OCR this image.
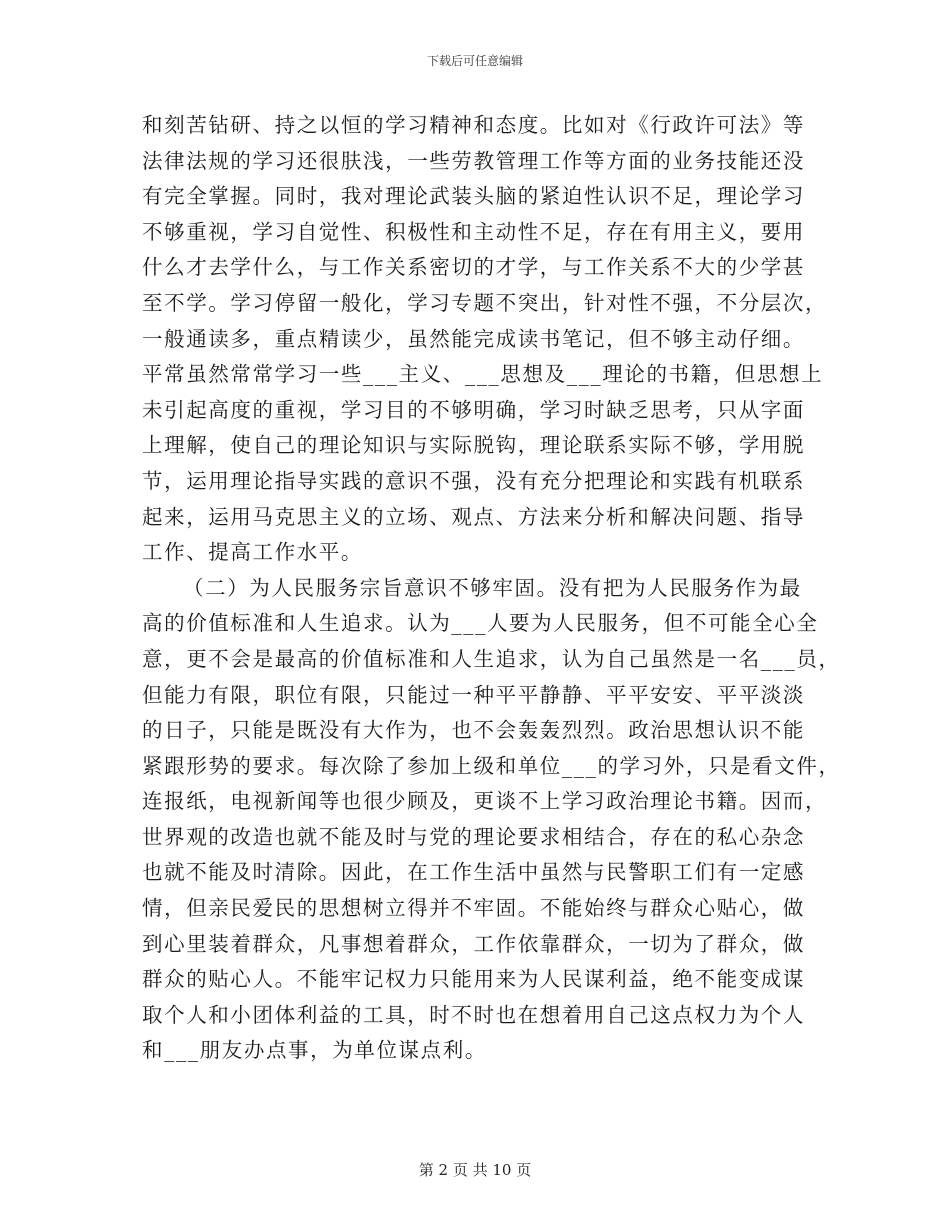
下载后可任意编辑
和刻苦钻研、持之以恒的学习精神和态度。比如对《行政许可法》等
法律法规的学习还很肤浅，一些劳教管理工作等方面的业务技能还没
有完全掌握。同时，我对理论武装头脑的紧迫性认识不足，理论学习
不够重视，学习自觉性、积极性和主动性不足，存在有用主义，要用
什么才去学什么，与工作关系密切的才学，与工作关系不大的少学甚
至不学。学习停留一般化，学习专题不突出，针对性不强，不分层次，
一般通读多，重点精读少，虽然能完成读书笔记，但不够主动仔细。
平常虽然常常学习一些___主义、___思想及___理论的书籍，但思想上
未引起高度的重视，学习目的不够明确，学习时缺乏思考，只从字面
上理解，使自己的理论知识与实际脱钩，理论联系实际不够，学用脱
节，运用理论指导实践的意识不强，没有充分把理论和实践有机联系
起来，运用马克思主义的立场、观点、方法来分析和解决问题、指导
工作、提高工作水平。
（二）为人民服务宗旨意识不够牢固。没有把为人民服务作为最
高的价值标准和人生追求。认为___人要为人民服务，但不可能全心全
意，更不会是最高的价值标准和人生追求，认为自己虽然是一名___员，
但能力有限，职位有限，只能过一种平平静静、平平安安、平平淡淡
的日子，只能是既没有大作为，也不会轰轰烈烈。政治思想认识不能
紧跟形势的要求。每次除了参加上级和单位___的学习外，只是看文件，
连报纸，电视新闻等也很少顾及，更谈不上学习政治理论书籍。因而，
世界观的改造也就不能及时与党的理论要求相结合，存在的私心杂念
也就不能及时清除。因此，在工作生活中虽然与民警职工们有一定感
情，但亲民爱民的思想树立得并不牢固。不能始终与群众心贴心，做
到心里装着群众，凡事想着群众，工作依靠群众，一切为了群众，做
群众的贴心人。不能牢记权力只能用来为人民谋利益，绝不能变成谋
取个人和小团体利益的工具，时不时也在想着用自己这点权力为个人
和___朋友办点事，为单位谋点利。
第 2 页 共 10 页
